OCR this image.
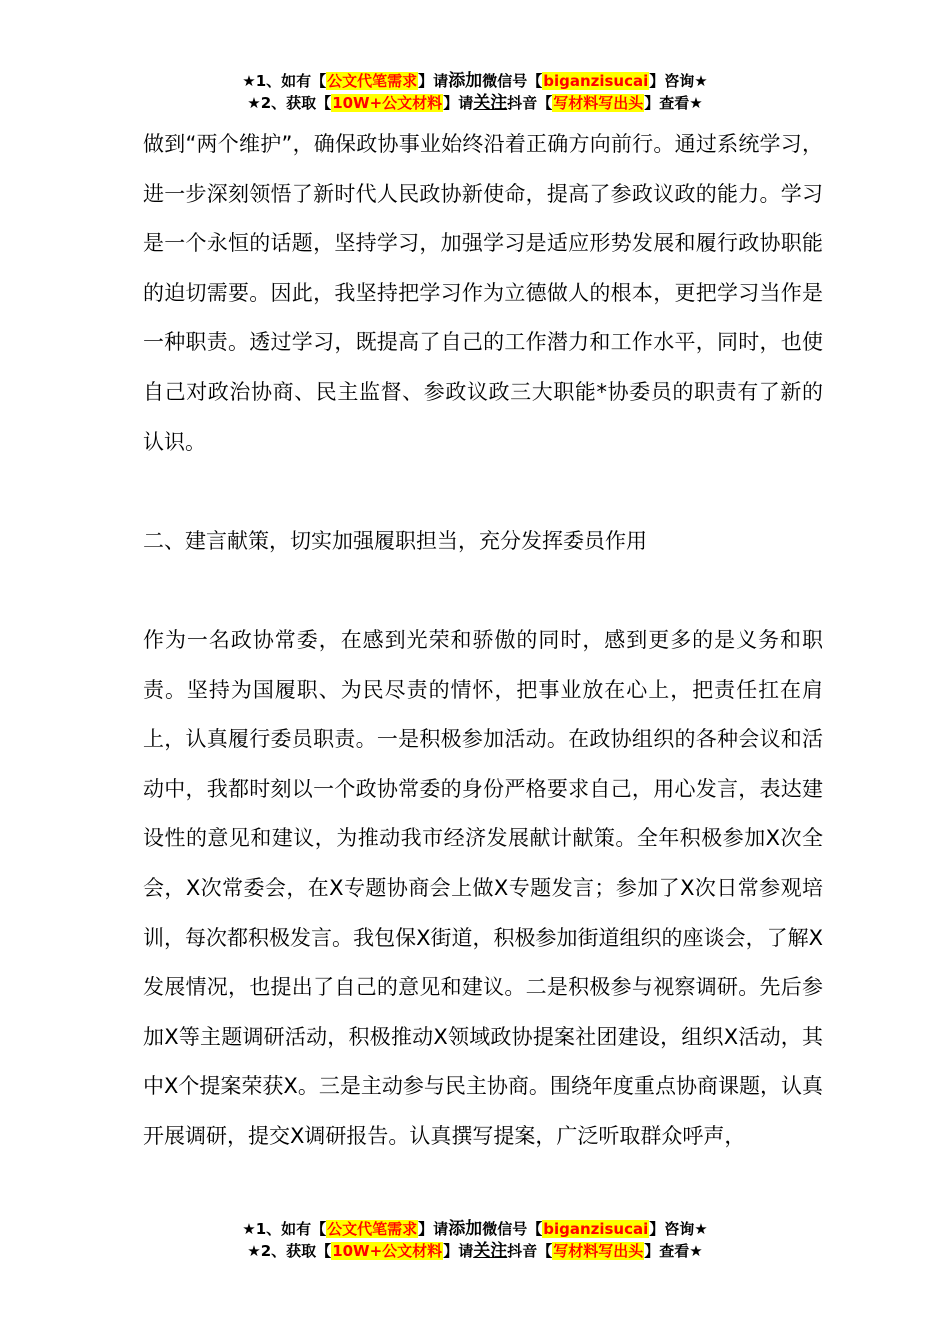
★1、如有【公文代笔需求】请添加微信号【biganzisucai】咨询★
★2、获取【10W+公文材料】请关注抖音【写材料写出头】查看★

做到“两个维护”，确保政协事业始终沿着正确方向前行。通过系统学习，进一步深刻领悟了新时代人民政协新使命，提高了参政议政的能力。学习是一个永恒的话题，坚持学习，加强学习是适应形势发展和履行政协职能的迫切需要。因此，我坚持把学习作为立德做人的根本，更把学习当作是一种职责。透过学习，既提高了自己的工作潜力和工作水平，同时，也使自己对政治协商、民主监督、参政议政三大职能*协委员的职责有了新的认识。

二、建言献策，切实加强履职担当，充分发挥委员作用

作为一名政协常委，在感到光荣和骄傲的同时，感到更多的是义务和职责。坚持为国履职、为民尽责的情怀，把事业放在心上，把责任扛在肩上，认真履行委员职责。一是积极参加活动。在政协组织的各种会议和活动中，我都时刻以一个政协常委的身份严格要求自己，用心发言，表达建设性的意见和建议，为推动我市经济发展献计献策。全年积极参加X次全会，X次常委会，在X专题协商会上做X专题发言；参加了X次日常参观培训，每次都积极发言。我包保X街道，积极参加街道组织的座谈会，了解X发展情况，也提出了自己的意见和建议。二是积极参与视察调研。先后参加X等主题调研活动，积极推动X领域政协提案社团建设，组织X活动，其中X个提案荣获X。三是主动参与民主协商。围绕年度重点协商课题，认真开展调研，提交X调研报告。认真撰写提案，广泛听取群众呼声，

★1、如有【公文代笔需求】请添加微信号【biganzisucai】咨询★
★2、获取【10W+公文材料】请关注抖音【写材料写出头】查看★
